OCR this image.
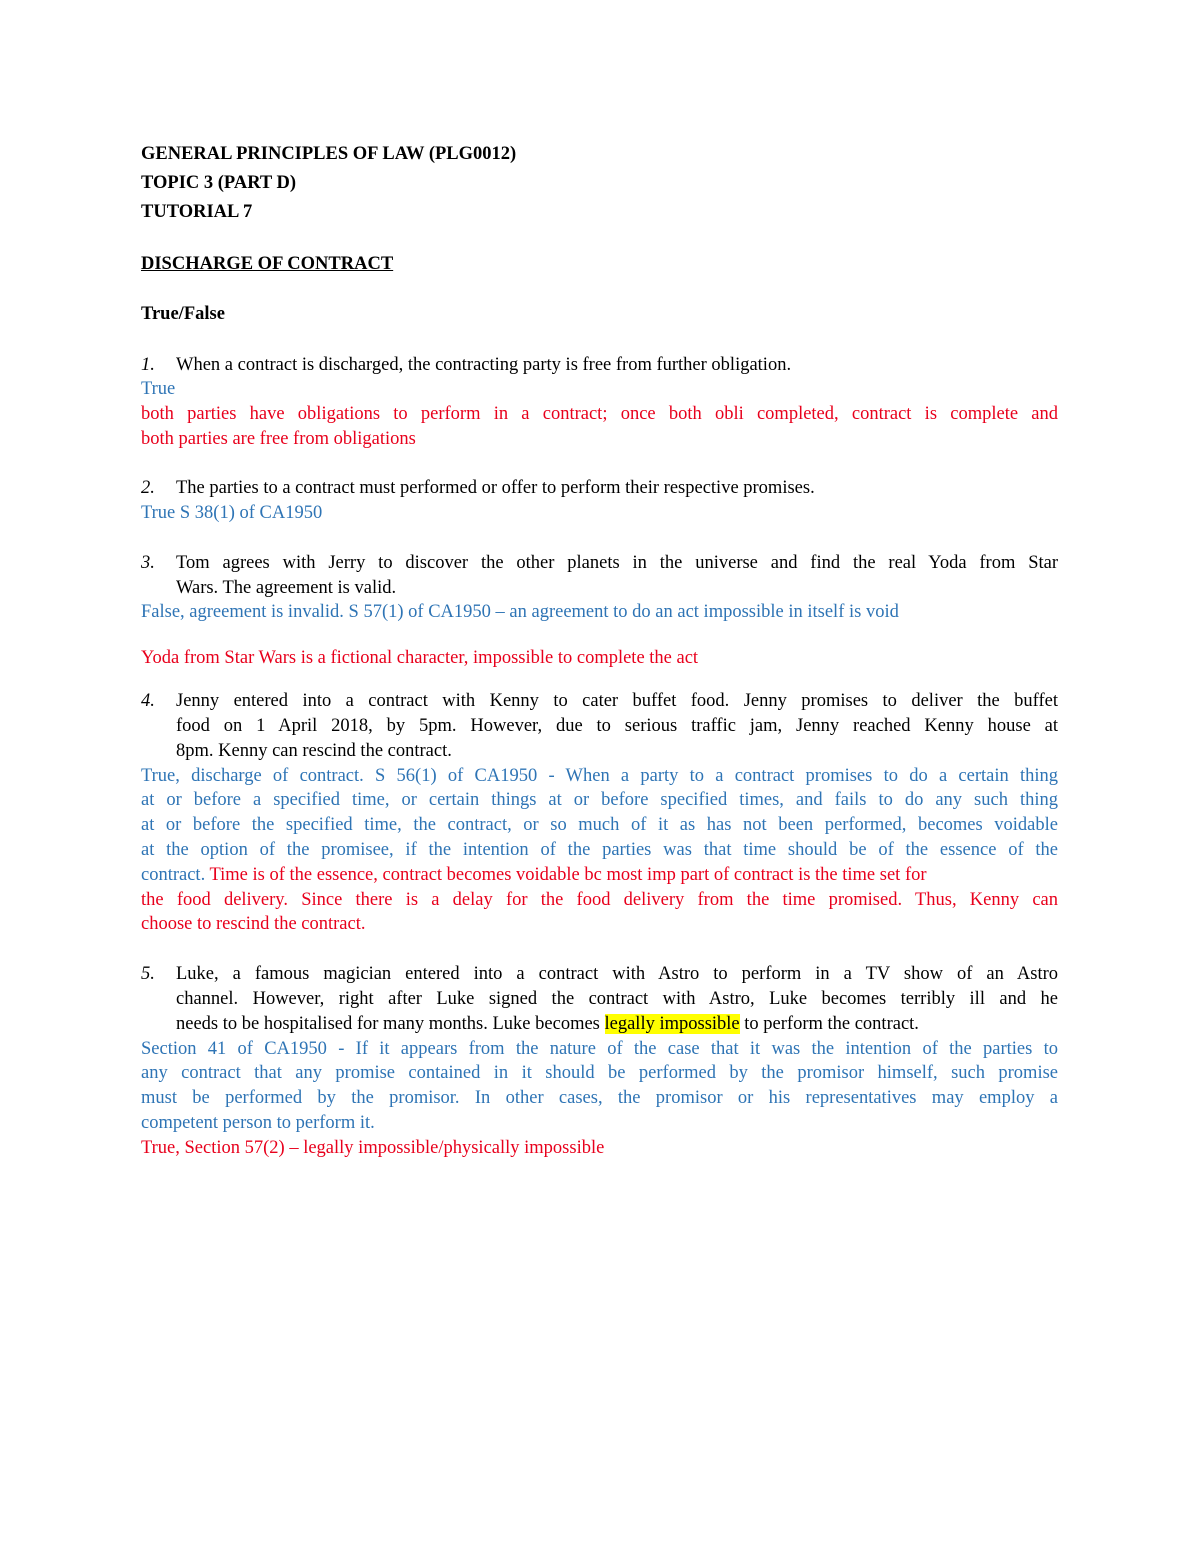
GENERAL PRINCIPLES OF LAW (PLG0012)
TOPIC 3 (PART D)
TUTORIAL 7
DISCHARGE OF CONTRACT
True/False
1. When a contract is discharged, the contracting party is free from further obligation.
True
both parties have obligations to perform in a contract; once both obli completed, contract is complete and
both parties are free from obligations
2. The parties to a contract must performed or offer to perform their respective promises.
True S 38(1) of CA1950
3. Tom agrees with Jerry to discover the other planets in the universe and find the real Yoda from Star
Wars. The agreement is valid.
False, agreement is invalid. S 57(1) of CA1950 – an agreement to do an act impossible in itself is void
Yoda from Star Wars is a fictional character, impossible to complete the act
4. Jenny entered into a contract with Kenny to cater buffet food. Jenny promises to deliver the buffet
food on 1 April 2018, by 5pm. However, due to serious traffic jam, Jenny reached Kenny house at
8pm. Kenny can rescind the contract.
True, discharge of contract. S 56(1) of CA1950 - When a party to a contract promises to do a certain thing
at or before a specified time, or certain things at or before specified times, and fails to do any such thing
at or before the specified time, the contract, or so much of it as has not been performed, becomes voidable
at the option of the promisee, if the intention of the parties was that time should be of the essence of the
contract. Time is of the essence, contract becomes voidable bc most imp part of contract is the time set for
the food delivery. Since there is a delay for the food delivery from the time promised. Thus, Kenny can
choose to rescind the contract.
5. Luke, a famous magician entered into a contract with Astro to perform in a TV show of an Astro
channel. However, right after Luke signed the contract with Astro, Luke becomes terribly ill and he
needs to be hospitalised for many months. Luke becomes legally impossible to perform the contract.
Section 41 of CA1950 - If it appears from the nature of the case that it was the intention of the parties to
any contract that any promise contained in it should be performed by the promisor himself, such promise
must be performed by the promisor. In other cases, the promisor or his representatives may employ a
competent person to perform it.
True, Section 57(2) – legally impossible/physically impossible
